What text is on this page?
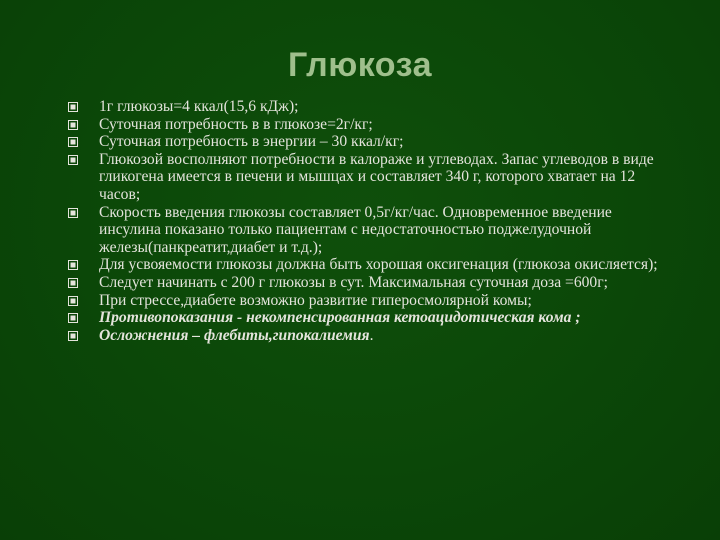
Глюкоза
1г глюкозы=4 ккал(15,6 кДж);
Суточная потребность в в глюкозе=2г/кг;
Суточная потребность в энергии – 30 ккал/кг;
Глюкозой восполняют потребности в калораже и углеводах. Запас углеводов в виде гликогена имеется в печени и мышцах и составляет 340 г, которого хватает на 12 часов;
Скорость введения глюкозы составляет 0,5г/кг/час. Одновременное введение инсулина показано только пациентам с недостаточностью поджелудочной железы(панкреатит,диабет и т.д.);
Для усвояемости глюкозы должна быть хорошая оксигенация (глюкоза окисляется);
Следует начинать с 200 г глюкозы в сут. Максимальная суточная доза =600г;
При стрессе,диабете возможно развитие гиперосмолярной комы;
Противопоказания - некомпенсированная кетоацидотическая кома ;
Осложнения – флебиты,гипокалиемия.
